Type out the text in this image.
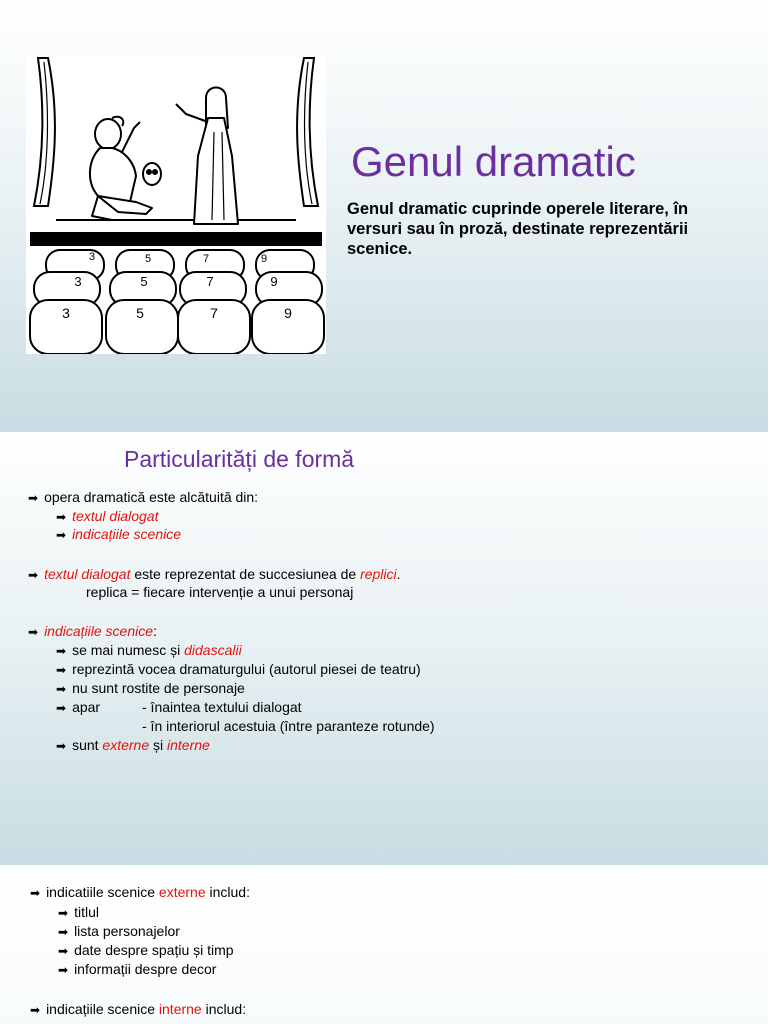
3	5	7	9
3	5	7	9
3	5	7	9
Genul dramatic
Genul dramatic cuprinde operele literare, în versuri sau în proză, destinate reprezentării scenice.
Particularități de formă
➡ opera dramatică este alcătuită din:
➡ textul dialogat
➡ indicațiile scenice
➡ textul dialogat este reprezentat de succesiunea de replici.
replica = fiecare intervenție a unui personaj
➡ indicațiile scenice:
➡ se mai numesc și didascalii
➡ reprezintă vocea dramaturgului (autorul piesei de teatru)
➡ nu sunt rostite de personaje
➡ apar	- înaintea textului dialogat
- în interiorul acestuia (între paranteze rotunde)
➡ sunt externe și interne
➡ indicatiile scenice externe includ:
➡ titlul
➡ lista personajelor
➡ date despre spațiu și timp
➡ informații despre decor
➡ indicațiile scenice interne includ:
